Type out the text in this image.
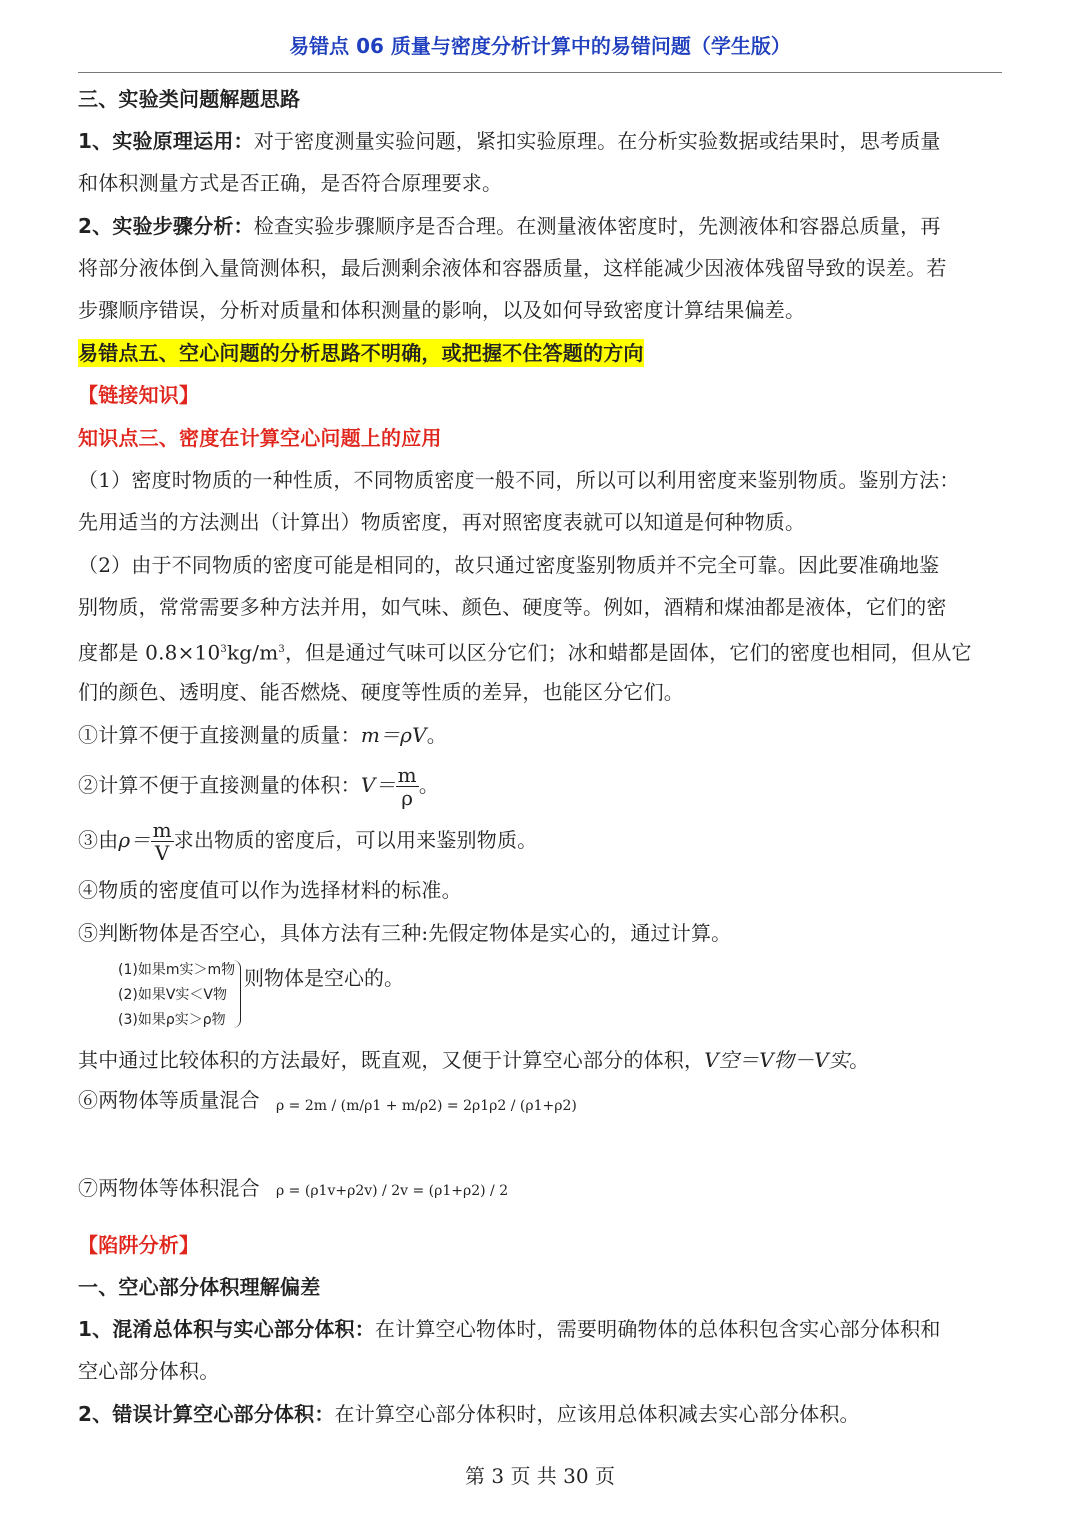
易错点 06 质量与密度分析计算中的易错问题（学生版）
三、实验类问题解题思路
1、实验原理运用：对于密度测量实验问题，紧扣实验原理。在分析实验数据或结果时，思考质量
和体积测量方式是否正确，是否符合原理要求。
2、实验步骤分析：检查实验步骤顺序是否合理。在测量液体密度时，先测液体和容器总质量，再
将部分液体倒入量筒测体积，最后测剩余液体和容器质量，这样能减少因液体残留导致的误差。若
步骤顺序错误，分析对质量和体积测量的影响，以及如何导致密度计算结果偏差。
易错点五、空心问题的分析思路不明确，或把握不住答题的方向
【链接知识】
知识点三、密度在计算空心问题上的应用
（1）密度时物质的一种性质，不同物质密度一般不同，所以可以利用密度来鉴别物质。鉴别方法：
先用适当的方法测出（计算出）物质密度，再对照密度表就可以知道是何种物质。
（2）由于不同物质的密度可能是相同的，故只通过密度鉴别物质并不完全可靠。因此要准确地鉴
别物质，常常需要多种方法并用，如气味、颜色、硬度等。例如，酒精和煤油都是液体，它们的密
度都是 $0.8\times 10^3kg/m^3$，但是通过气味可以区分它们；冰和蜡都是固体，它们的密度也相同，但从它
们的颜色、透明度、能否燃烧、硬度等性质的差异，也能区分它们。
①计算不便于直接测量的质量：m＝ρV。
②计算不便于直接测量的体积：$V= \frac{m}{\rho}$ 。
③由$\rho= \frac{m}{V}$ 求出物质的密度后，可以用来鉴别物质。
④物质的密度值可以作为选择材料的标准。
⑤判断物体是否空心，具体方法有三种:先假定物体是实心的，通过计算。
(1)如果m实＞m物
(2)如果V实＜V物
(3)如果ρ实＞ρ物
则物体是空心的。
其中通过比较体积的方法最好，既直观，又便于计算空心部分的体积，V空＝V物－V实。
⑥两物体等质量混合	ρ = 2m / (m/ρ1 + m/ρ2) = 2ρ1ρ2 / (ρ1+ρ2)
⑦两物体等体积混合	ρ = (ρ1v+ρ2v) / 2v = (ρ1+ρ2) / 2
【陷阱分析】
一、空心部分体积理解偏差
1、混淆总体积与实心部分体积：在计算空心物体时，需要明确物体的总体积包含实心部分体积和
空心部分体积。
2、错误计算空心部分体积：在计算空心部分体积时，应该用总体积减去实心部分体积。
第 3 页 共 30 页
